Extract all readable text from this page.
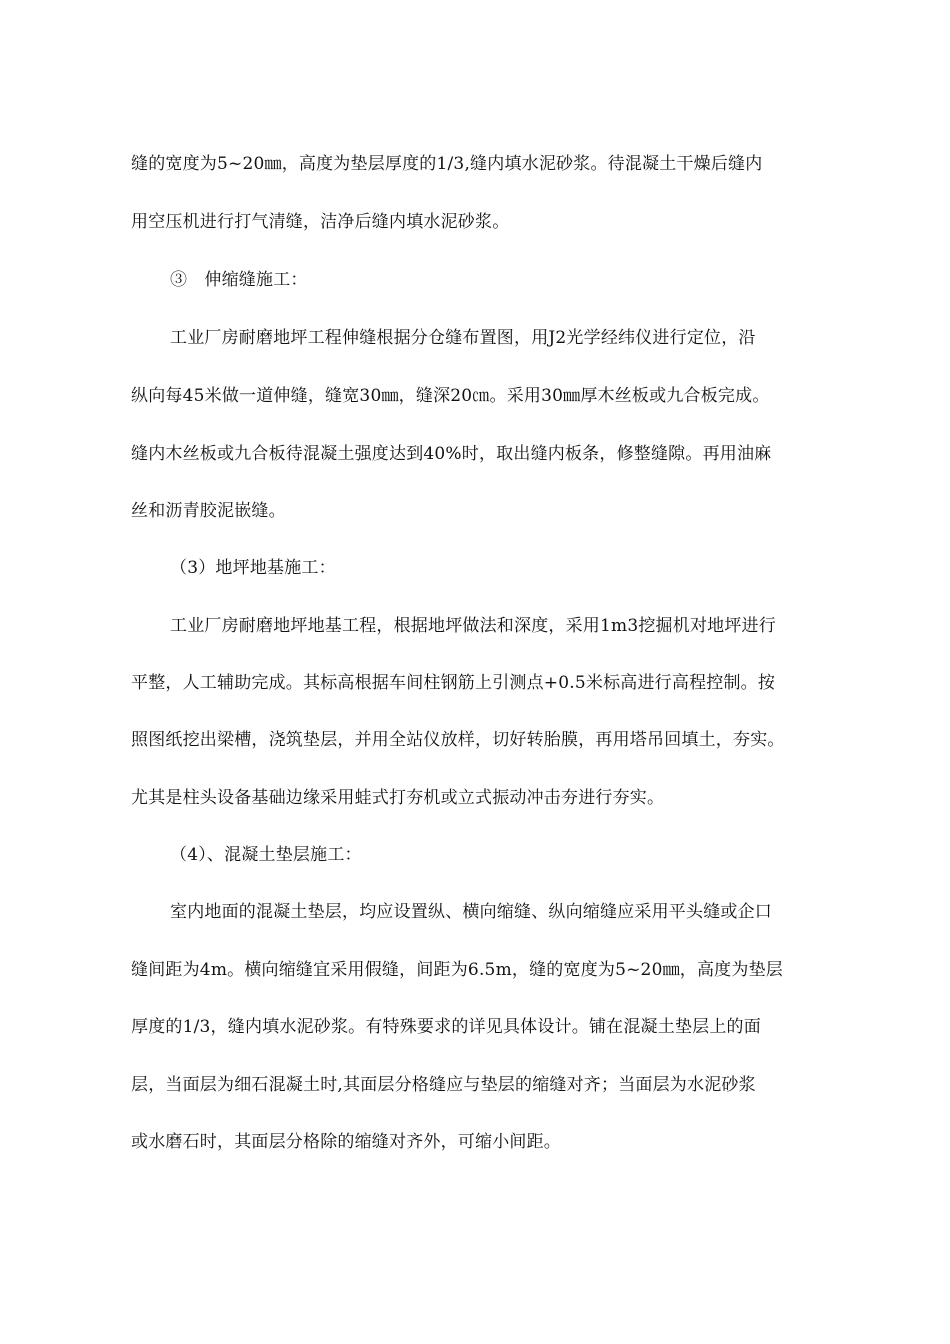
缝的宽度为5~20㎜，高度为垫层厚度的1/3,缝内填水泥砂浆。待混凝土干燥后缝内
用空压机进行打气清缝，洁净后缝内填水泥砂浆。
③　伸缩缝施工：
工业厂房耐磨地坪工程伸缝根据分仓缝布置图，用J2光学经纬仪进行定位，沿
纵向每45米做一道伸缝，缝宽30㎜，缝深20㎝。采用30㎜厚木丝板或九合板完成。
缝内木丝板或九合板待混凝土强度达到40%时，取出缝内板条，修整缝隙。再用油麻
丝和沥青胶泥嵌缝。
（3）地坪地基施工：
工业厂房耐磨地坪地基工程，根据地坪做法和深度，采用1m3挖掘机对地坪进行
平整，人工辅助完成。其标高根据车间柱钢筋上引测点+0.5米标高进行高程控制。按
照图纸挖出梁槽，浇筑垫层，并用全站仪放样，切好转胎膜，再用塔吊回填土，夯实。
尤其是柱头设备基础边缘采用蛙式打夯机或立式振动冲击夯进行夯实。
（4）、混凝土垫层施工：
室内地面的混凝土垫层，均应设置纵、横向缩缝、纵向缩缝应采用平头缝或企口
缝间距为4m。横向缩缝宜采用假缝，间距为6.5m，缝的宽度为5~20㎜，高度为垫层
厚度的1/3，缝内填水泥砂浆。有特殊要求的详见具体设计。铺在混凝土垫层上的面
层，当面层为细石混凝土时,其面层分格缝应与垫层的缩缝对齐；当面层为水泥砂浆
或水磨石时，其面层分格除的缩缝对齐外，可缩小间距。
